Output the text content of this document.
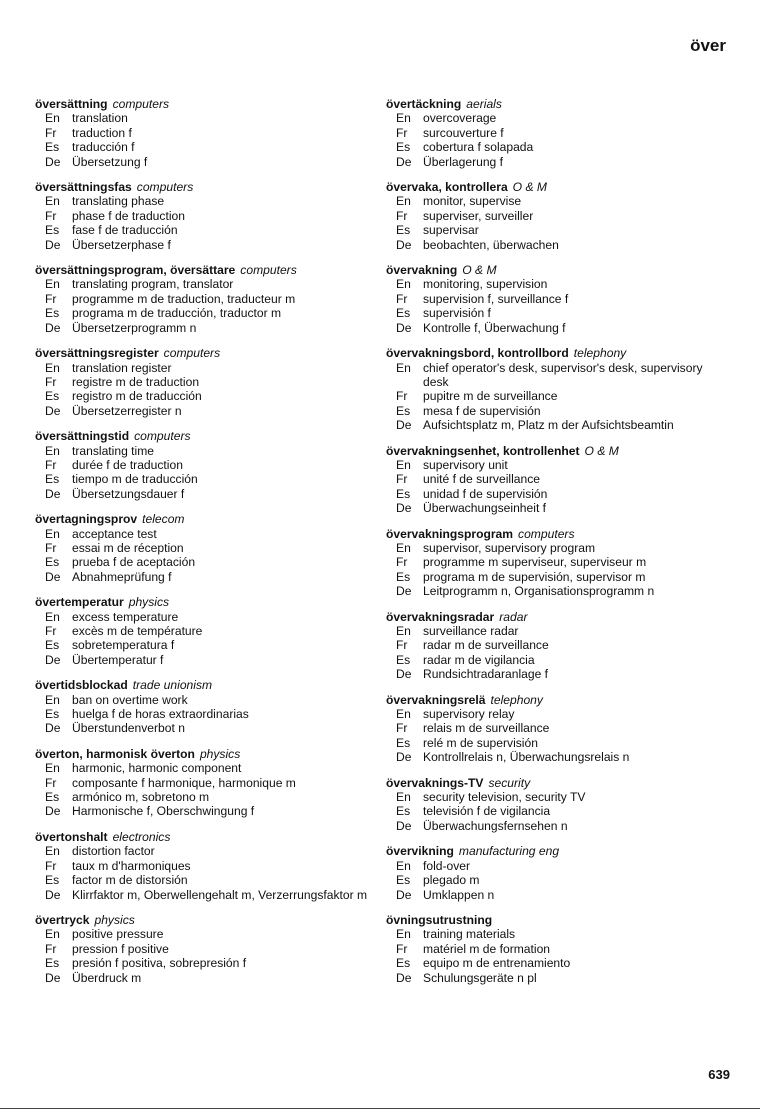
över
översättning computers
En	translation
Fr	traduction f
Es	traducción f
De Übersetzung f
översättningsfas computers
En	translating phase
Fr	phase f de traduction
Es	fase f de traducción
De Übersetzerphase f
översättningsprogram, översättare computers
En	translating program, translator
Fr	programme m de traduction, traducteur m
Es	programa m de traducción, traductor m
De Übersetzerprogramm n
översättningsregister computers
En	translation register
Fr	registre m de traduction
Es	registro m de traducción
De Übersetzerregister n
översättningstid computers
En	translating time
Fr	durée f de traduction
Es	tiempo m de traducción
De Übersetzungsdauer f
övertagningsprov telecom
En	acceptance test
Fr	essai m de réception
Es	prueba f de aceptación
De Abnahmeprüfung f
övertemperatur physics
En	excess temperature
Fr	excès m de température
Es	sobretemperatura f
De Übertemperatur f
övertidsblockad trade unionism
En	ban on overtime work
Es	huelga f de horas extraordinarias
De Überstundenverbot n
överton, harmonisk överton physics
En	harmonic, harmonic component
Fr	composante f harmonique, harmonique m
Es	armónico m, sobretono m
De Harmonische f, Oberschwingung f
övertonshalt electronics
En	distortion factor
Fr	taux m d'harmoniques
Es	factor m de distorsión
De Klirrfaktor m, Oberwellengehalt m, Verzerrungsfaktor m
övertryck physics
En	positive pressure
Fr	pression f positive
Es	presión f positiva, sobrepresión f
De Überdruck m
övertäckning aerials
En	overcoverage
Fr	surcouverture f
Es	cobertura f solapada
De Überlagerung f
övervaka, kontrollera O & M
En	monitor, supervise
Fr	superviser, surveiller
Es	supervisar
De beobachten, überwachen
övervakning O & M
En	monitoring, supervision
Fr	supervision f, surveillance f
Es	supervisión f
De Kontrolle f, Überwachung f
övervakningsbord, kontrollbord telephony
En	chief operator's desk, supervisor's desk, supervisory desk
Fr	pupitre m de surveillance
Es	mesa f de supervisión
De Aufsichtsplatz m, Platz m der Aufsichtsbeamtin
övervakningsenhet, kontrollenhet O & M
En	supervisory unit
Fr	unité f de surveillance
Es	unidad f de supervisión
De Überwachungseinheit f
övervakningsprogram computers
En	supervisor, supervisory program
Fr	programme m superviseur, superviseur m
Es	programa m de supervisión, supervisor m
De Leitprogramm n, Organisationsprogramm n
övervakningsradar radar
En	surveillance radar
Fr	radar m de surveillance
Es	radar m de vigilancia
De Rundsichtradaranlage f
övervakningsrelä telephony
En	supervisory relay
Fr	relais m de surveillance
Es	relé m de supervisión
De Kontrollrelais n, Überwachungsrelais n
övervaknings-TV security
En	security television, security TV
Es	televisión f de vigilancia
De Überwachungsfernsehen n
övervikning manufacturing eng
En	fold-over
Es	plegado m
De Umklappen n
övningsutrustning
En	training materials
Fr	matériel m de formation
Es	equipo m de entrenamiento
De Schulungsgeräte n pl
639
